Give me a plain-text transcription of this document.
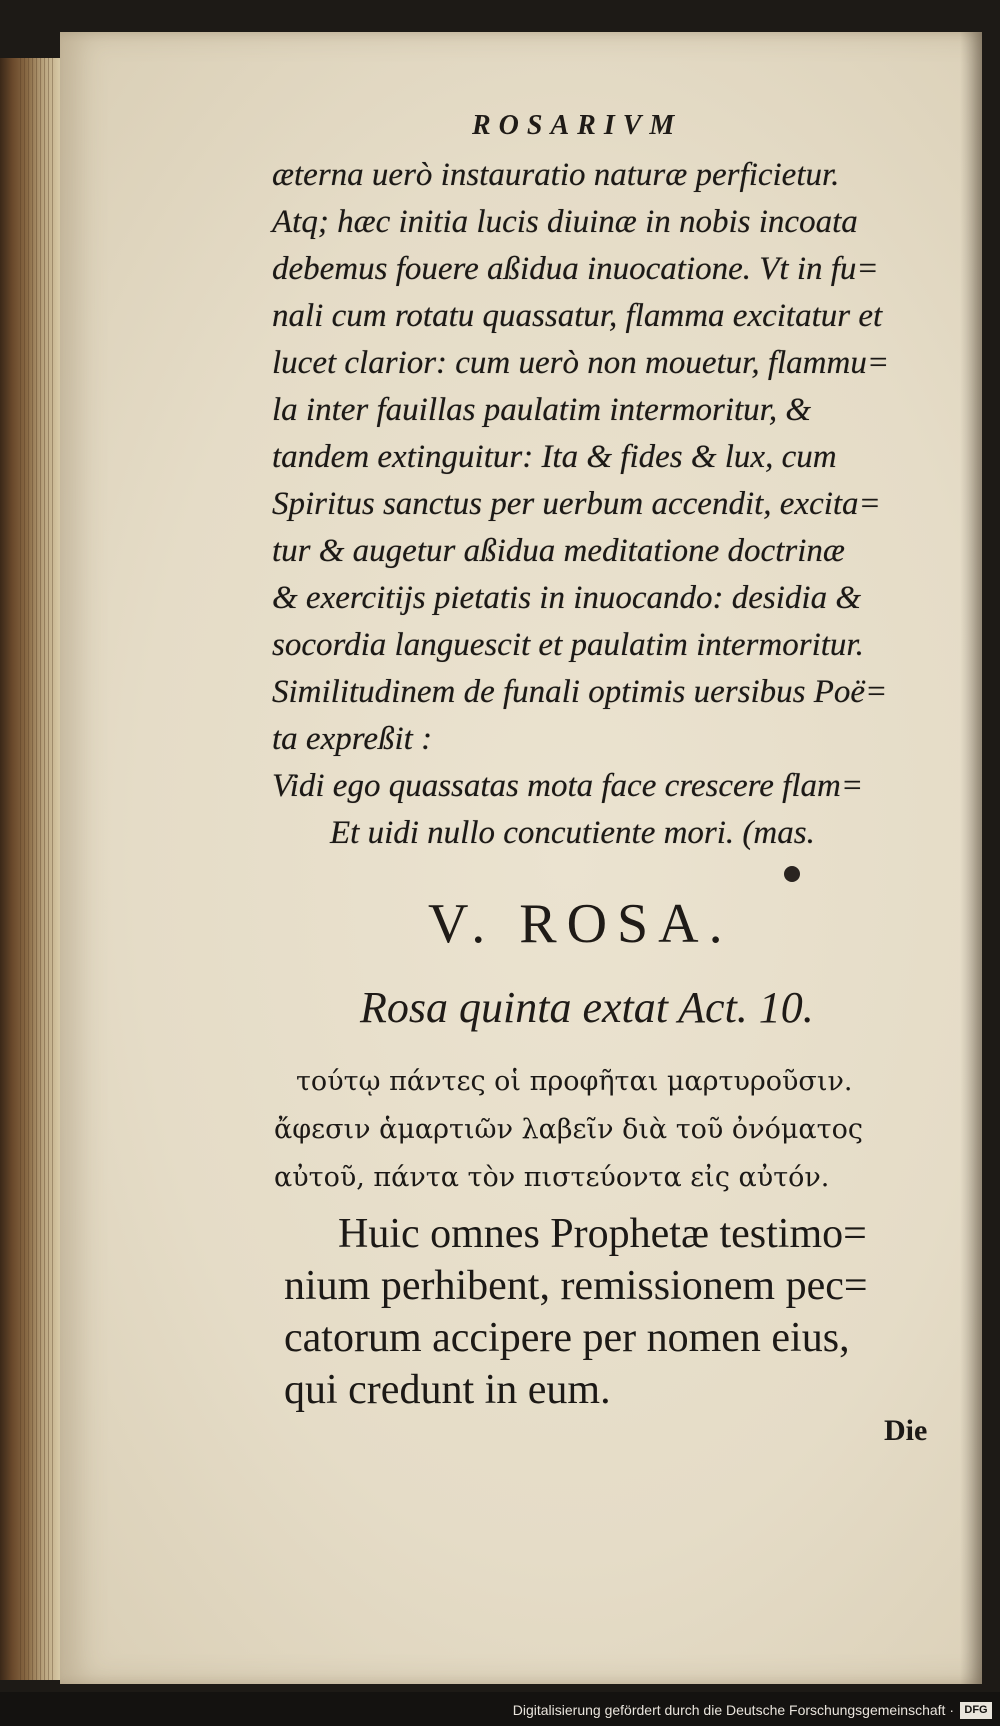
ROSARIVM
æterna uerò instauratio naturæ perficietur.
Atq; hæc initia lucis diuinæ in nobis incoata
debemus fouere aßidua inuocatione. Vt in fu=
nali cum rotatu quassatur, flamma excitatur et
lucet clarior: cum uerò non mouetur, flammu=
la inter fauillas paulatim intermoritur, &
tandem extinguitur: Ita & fides & lux, cum
Spiritus sanctus per uerbum accendit, excita=
tur & augetur aßidua meditatione doctrinæ
& exercitijs pietatis in inuocando: desidia &
socordia languescit et paulatim intermoritur.
Similitudinem de funali optimis uersibus Poë=
ta expreßit :
Vidi ego quassatas mota face crescere flam=
Et uidi nullo concutiente mori. (mas.
V. ROSA.
Rosa quinta extat Act. 10.
τούτῳ πάντες οἱ προφῆται μαρτυροῦσιν.
ἄφεσιν ἁμαρτιῶν λαβεῖν διὰ τοῦ ὀνόματος
αὐτοῦ, πάντα τὸν πιστεύοντα εἰς αὐτόν.
Huic omnes Prophetæ testimo=
nium perhibent, remissionem pec=
catorum accipere per nomen eius,
qui credunt in eum.
Die
Digitalisierung gefördert durch die Deutsche Forschungsgemeinschaft · DFG
